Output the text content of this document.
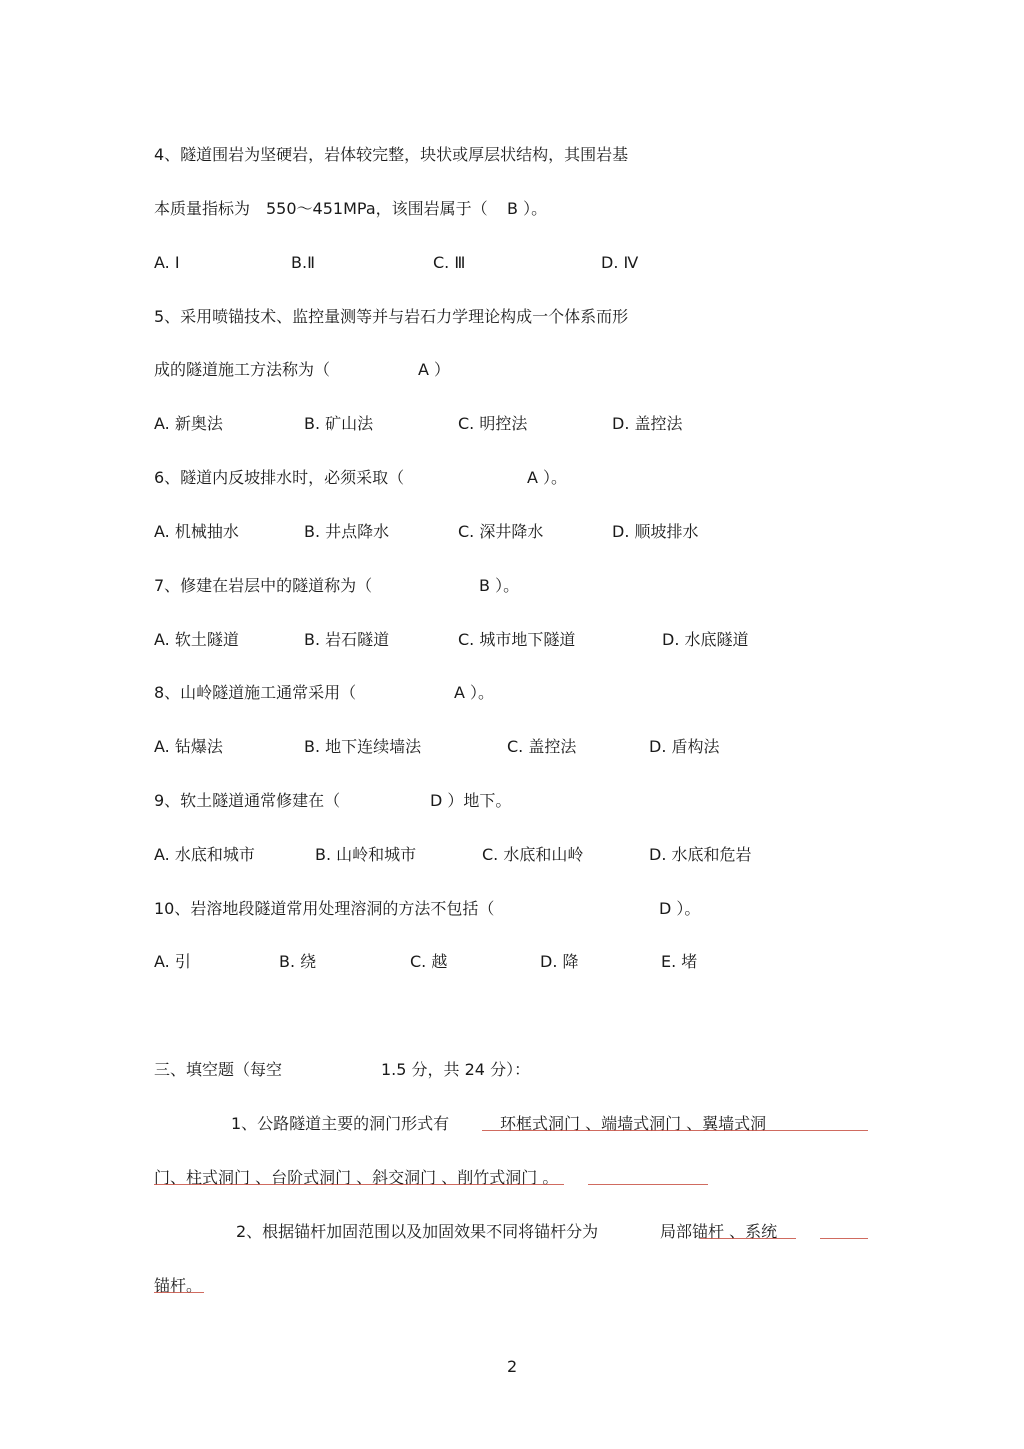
4、隧道围岩为坚硬岩，岩体较完整，块状或厚层状结构，其围岩基
本质量指标为 550～451MPa，该围岩属于（ B ）。
A. Ⅰ	B.Ⅱ	C. Ⅲ	D. Ⅳ
5、采用喷锚技术、监控量测等并与岩石力学理论构成一个体系而形
成的隧道施工方法称为（	A ）
A. 新奥法	B. 矿山法	C. 明控法	D. 盖控法
6、隧道内反坡排水时，必须采取（	A ）。
A. 机械抽水	B. 井点降水	C. 深井降水	D. 顺坡排水
7、修建在岩层中的隧道称为（	B ）。
A. 软土隧道	B. 岩石隧道	C. 城市地下隧道	D. 水底隧道
8、山岭隧道施工通常采用（	A ）。
A. 钻爆法	B. 地下连续墙法	C. 盖控法	D. 盾构法
9、软土隧道通常修建在（	D ）地下。
A. 水底和城市	B. 山岭和城市	C. 水底和山岭	D. 水底和危岩
10、岩溶地段隧道常用处理溶洞的方法不包括（	D ）。
A. 引	B. 绕	C. 越	D. 降	E. 堵
三、填空题（每空	1.5 分，共 24 分）：
1、公路隧道主要的洞门形式有	环框式洞门 、端墙式洞门 、翼墙式洞
门、柱式洞门 、台阶式洞门 、斜交洞门 、削竹式洞门 。
2、根据锚杆加固范围以及加固效果不同将锚杆分为	局部锚杆 、系统
锚杆。
2
